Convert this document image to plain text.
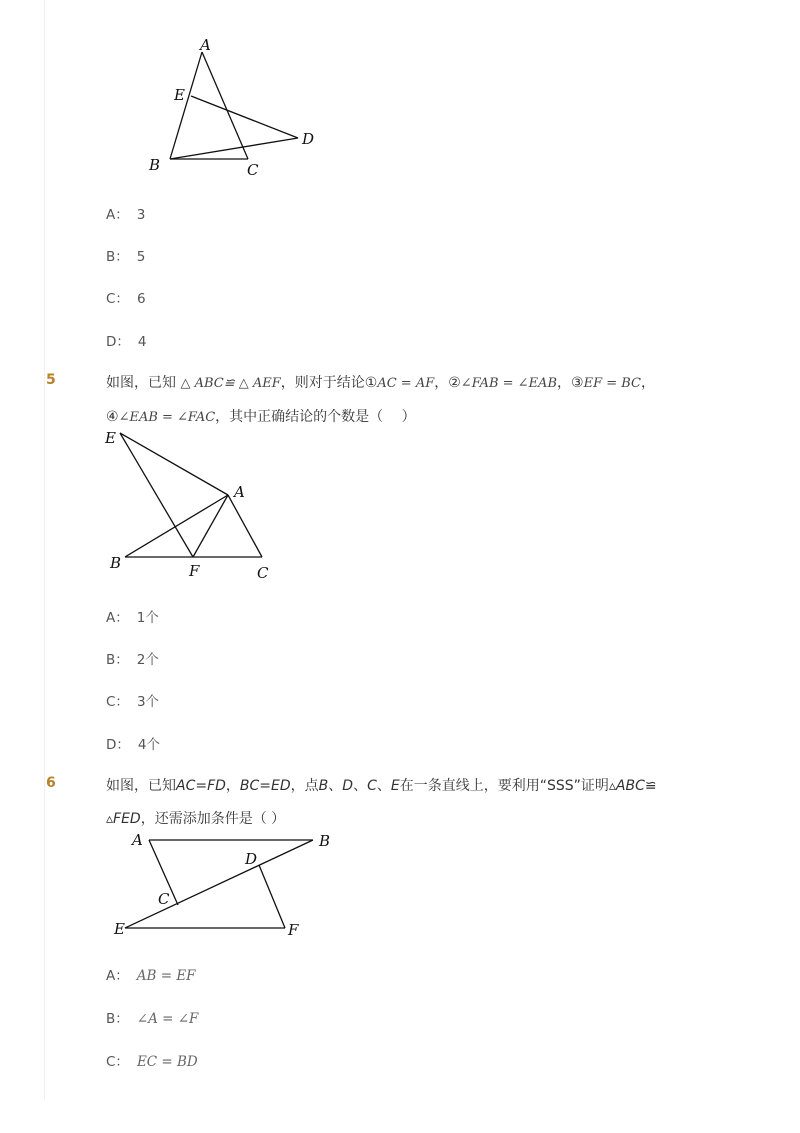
A
E
D
B	C
A： 3
B： 5
C： 6
D： 4
5	如图，已知 △ ABC≌ △ AEF，则对于结论①AC = AF，②∠FAB = ∠EAB，③EF = BC，
④∠EAB = ∠FAC，其中正确结论的个数是（　 ）
E
A
B	F	C
A： 1个
B： 2个
C： 3个
D： 4个
6	如图，已知AC=FD，BC=ED，点B、D、C、E在一条直线上，要利用“SSS”证明▵ABC≌
▵FED，还需添加条件是（ ）
A	B
D
C
E	F
A： AB = EF
B： ∠A = ∠F
C： EC = BD
